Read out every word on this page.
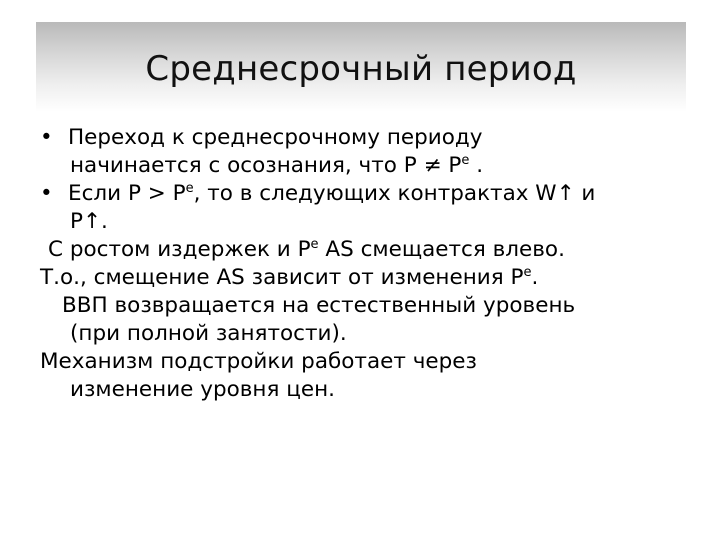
Среднесрочный период

• Переход к среднесрочному периоду

начинается с осознания, что $P \ne P^e$ .

• Если $P > P^e$, то в следующих контрактах W↑ и

P↑.

С ростом издержек и $P^e$ AS смещается влево.

Т.о., смещение AS зависит от изменения $P^e$.

ВВП возвращается на естественный уровень

(при полной занятости).

Механизм подстройки работает через

изменение уровня цен.
